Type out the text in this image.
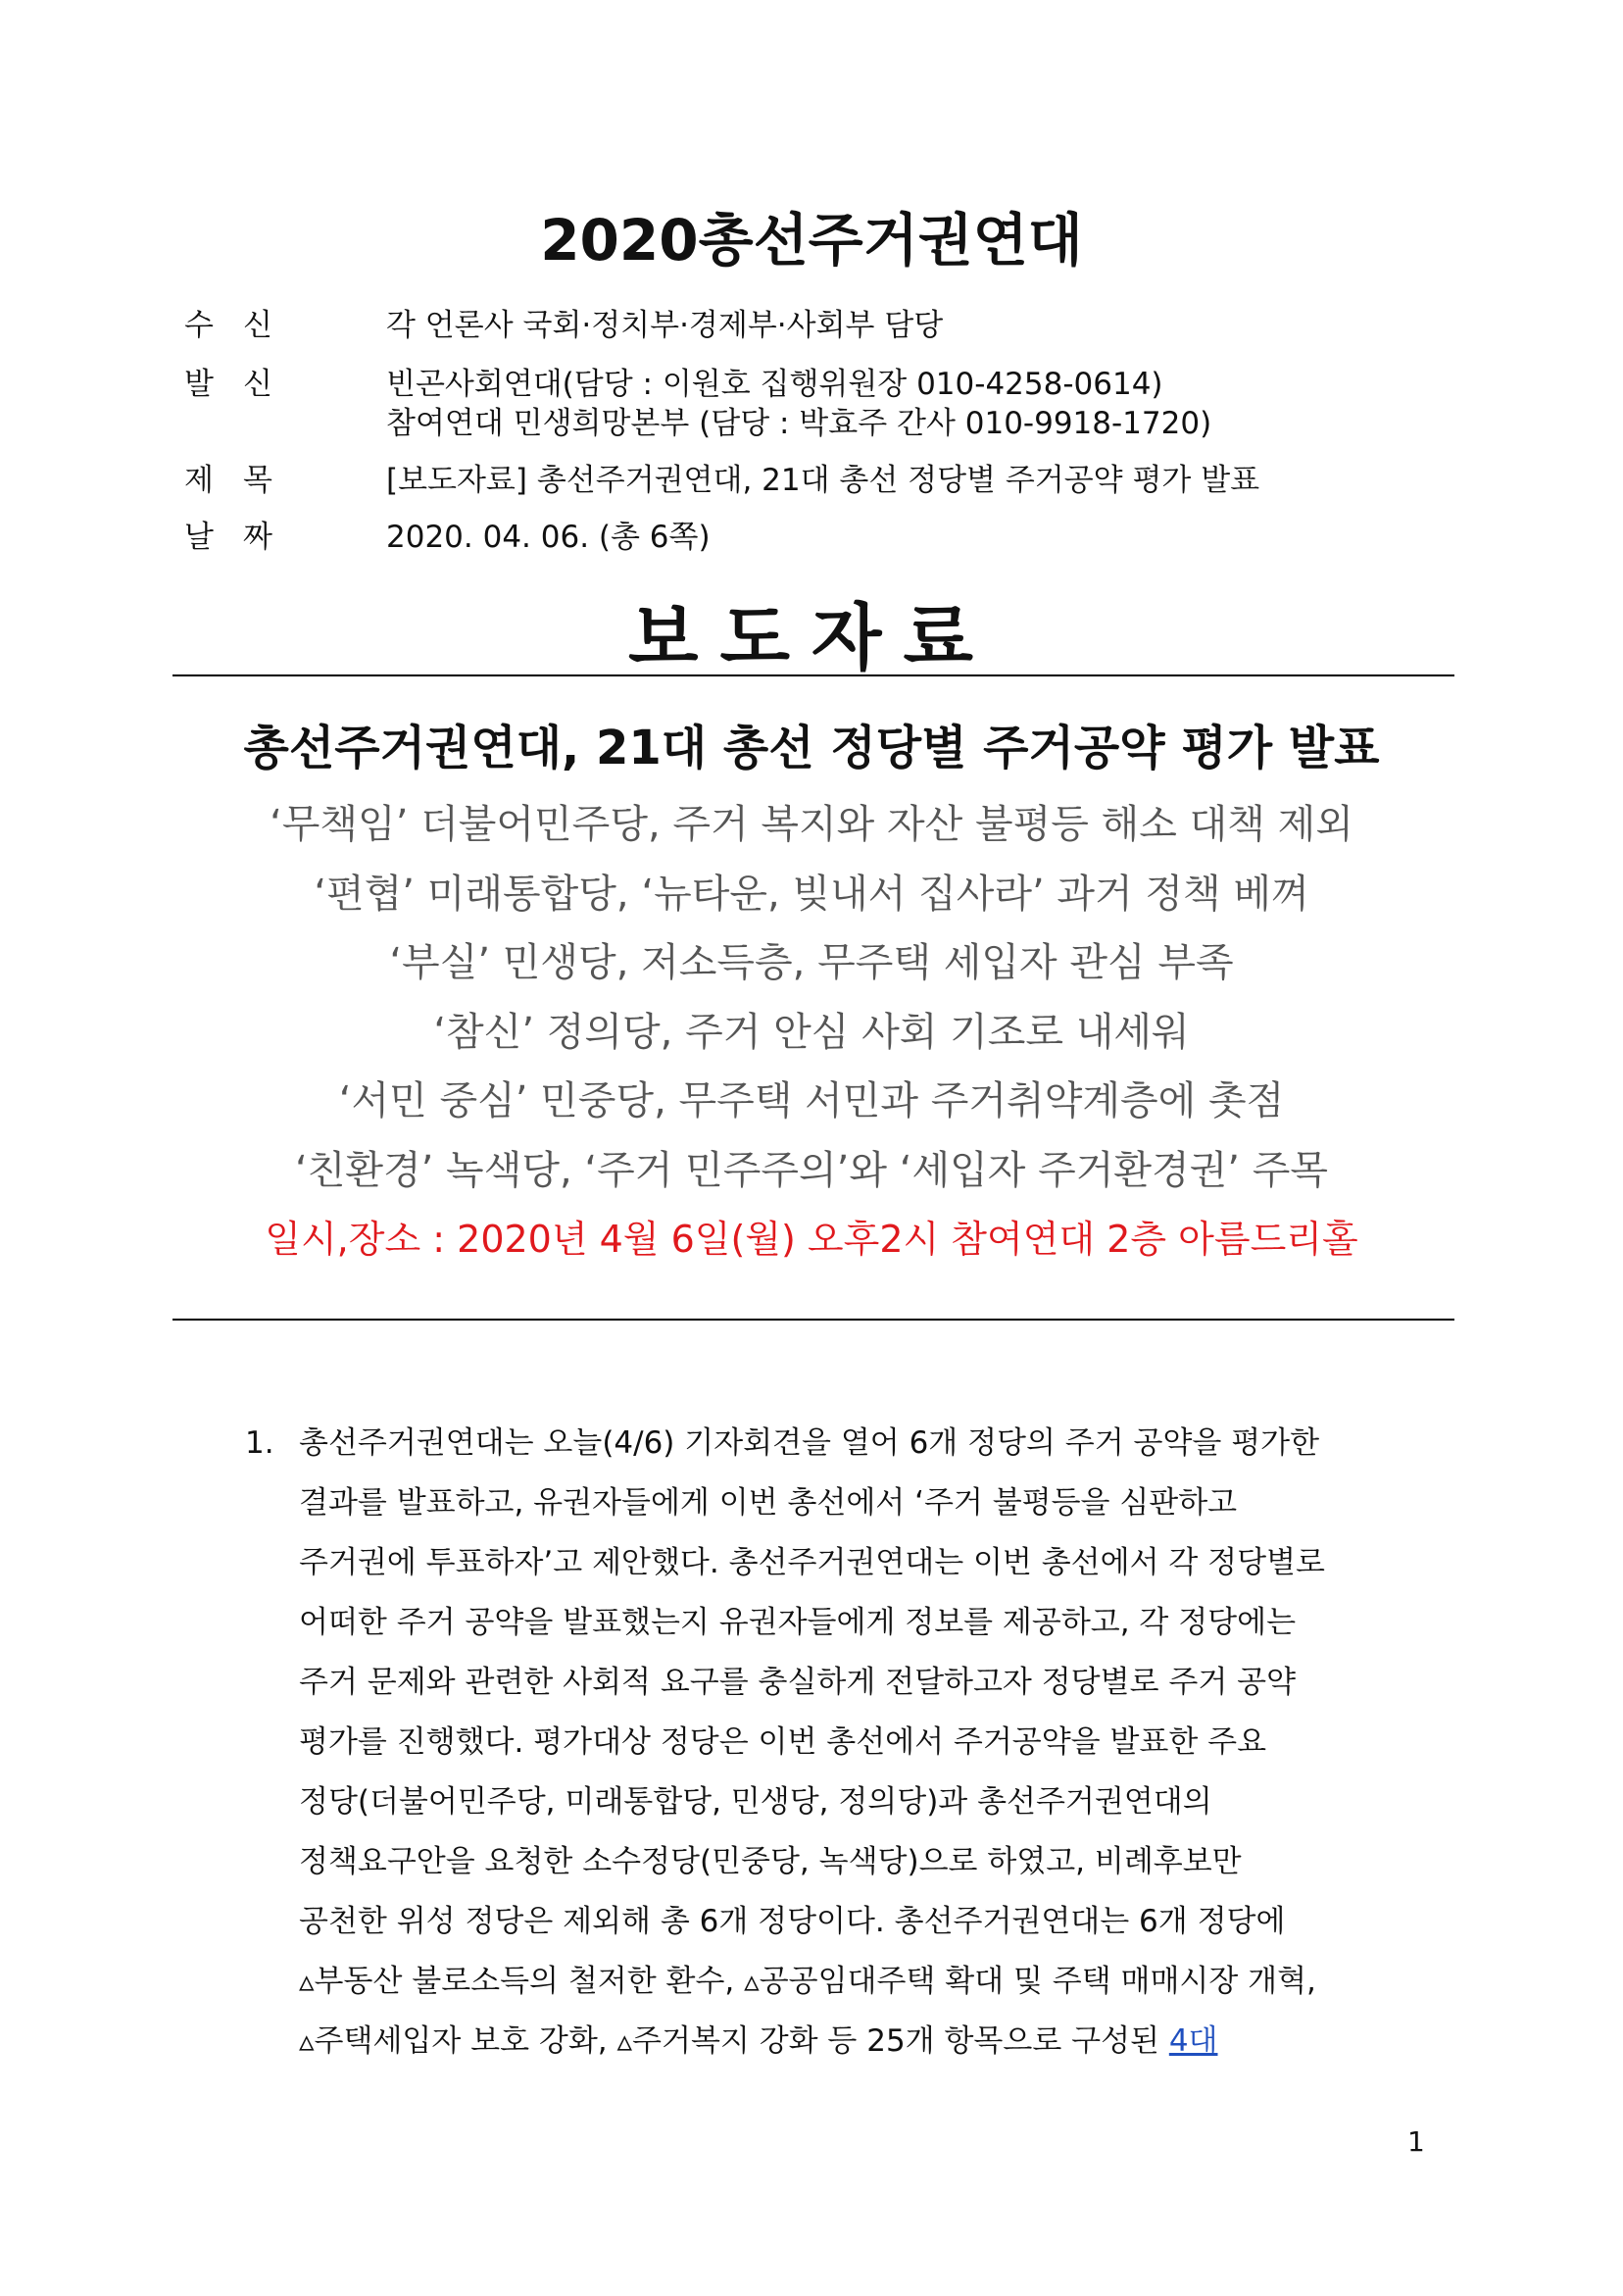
2020총선주거권연대
수신	각 언론사 국회·정치부·경제부·사회부 담당
발신	빈곤사회연대(담당 : 이원호 집행위원장 010-4258-0614)
참여연대 민생희망본부 (담당 : 박효주 간사 010-9918-1720)
제목	[보도자료] 총선주거권연대, 21대 총선 정당별 주거공약 평가 발표
날짜	2020. 04. 06. (총 6쪽)
보도자료
총선주거권연대, 21대 총선 정당별 주거공약 평가 발표
‘무책임’ 더불어민주당, 주거 복지와 자산 불평등 해소 대책 제외
‘편협’ 미래통합당, ‘뉴타운, 빚내서 집사라’ 과거 정책 베껴
‘부실’ 민생당, 저소득층, 무주택 세입자 관심 부족
‘참신’ 정의당, 주거 안심 사회 기조로 내세워
‘서민 중심’ 민중당, 무주택 서민과 주거취약계층에 촛점
‘친환경’ 녹색당, ‘주거 민주주의’와 ‘세입자 주거환경권’ 주목
일시,장소 : 2020년 4월 6일(월) 오후2시 참여연대 2층 아름드리홀
1. 총선주거권연대는 오늘(4/6) 기자회견을 열어 6개 정당의 주거 공약을 평가한
결과를 발표하고, 유권자들에게 이번 총선에서 ‘주거 불평등을 심판하고
주거권에 투표하자’고 제안했다. 총선주거권연대는 이번 총선에서 각 정당별로
어떠한 주거 공약을 발표했는지 유권자들에게 정보를 제공하고, 각 정당에는
주거 문제와 관련한 사회적 요구를 충실하게 전달하고자 정당별로 주거 공약
평가를 진행했다. 평가대상 정당은 이번 총선에서 주거공약을 발표한 주요
정당(더불어민주당, 미래통합당, 민생당, 정의당)과 총선주거권연대의
정책요구안을 요청한 소수정당(민중당, 녹색당)으로 하였고, 비례후보만
공천한 위성 정당은 제외해 총 6개 정당이다. 총선주거권연대는 6개 정당에
▵부동산 불로소득의 철저한 환수, ▵공공임대주택 확대 및 주택 매매시장 개혁,
▵주택세입자 보호 강화, ▵주거복지 강화 등 25개 항목으로 구성된 4대
1
